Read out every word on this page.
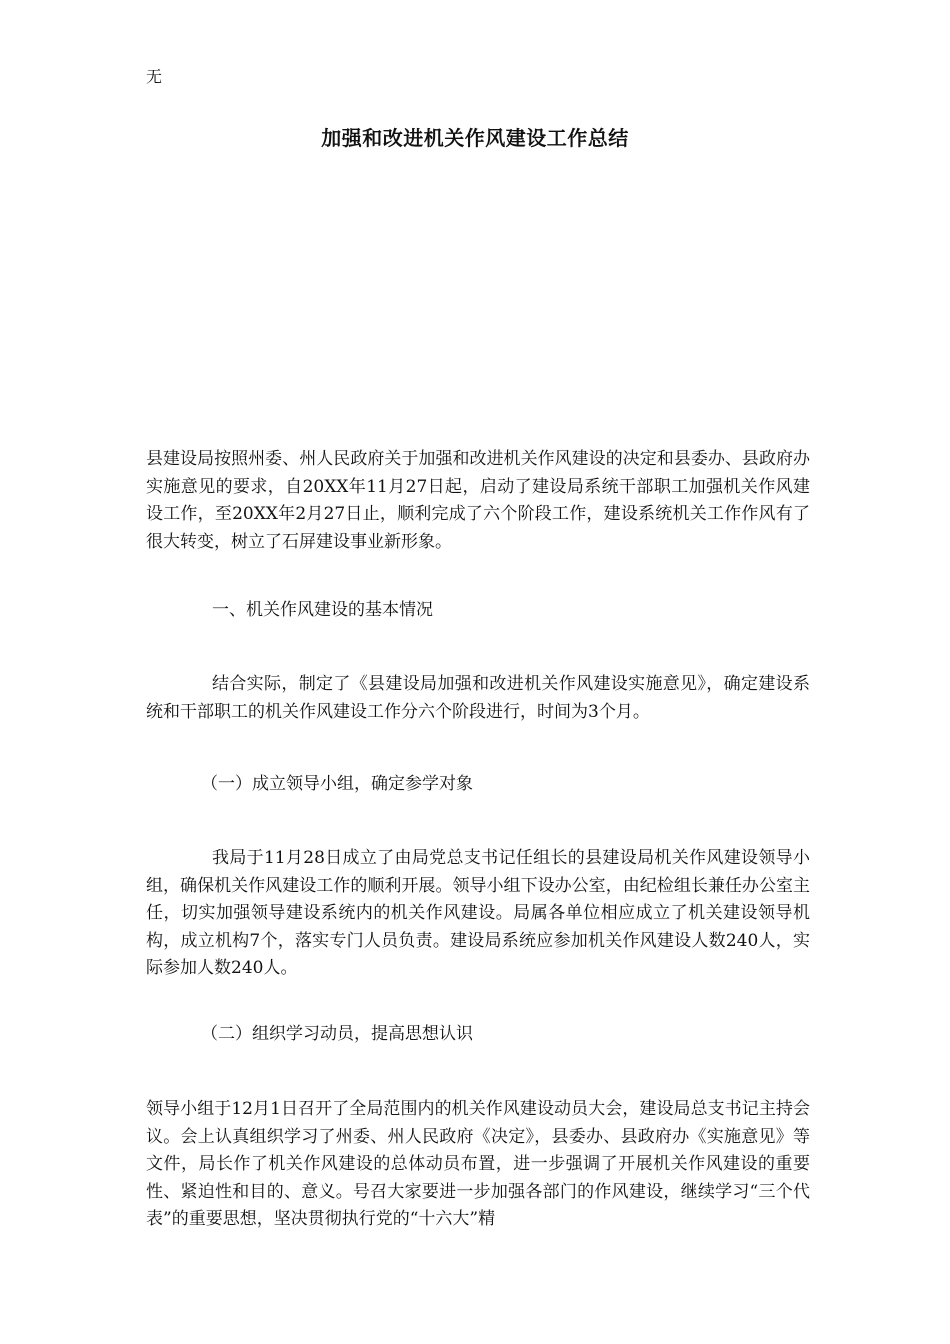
无
加强和改进机关作风建设工作总结

县建设局按照州委、州人民政府关于加强和改进机关作风建设的决定和县委办、县政府办实施意见的要求，自20XX年11月27日起，启动了建设局系统干部职工加强机关作风建设工作，至20XX年2月27日止，顺利完成了六个阶段工作，建设系统机关工作作风有了很大转变，树立了石屏建设事业新形象。

一、机关作风建设的基本情况

结合实际，制定了《县建设局加强和改进机关作风建设实施意见》，确定建设系统和干部职工的机关作风建设工作分六个阶段进行，时间为3个月。

（一）成立领导小组，确定参学对象

我局于11月28日成立了由局党总支书记任组长的县建设局机关作风建设领导小组，确保机关作风建设工作的顺利开展。领导小组下设办公室，由纪检组长兼任办公室主任，切实加强领导建设系统内的机关作风建设。局属各单位相应成立了机关建设领导机构，成立机构7个，落实专门人员负责。建设局系统应参加机关作风建设人数240人，实际参加人数240人。

（二）组织学习动员，提高思想认识

领导小组于12月1日召开了全局范围内的机关作风建设动员大会，建设局总支书记主持会议。会上认真组织学习了州委、州人民政府《决定》，县委办、县政府办《实施意见》等文件，局长作了机关作风建设的总体动员布置，进一步强调了开展机关作风建设的重要性、紧迫性和目的、意义。号召大家要进一步加强各部门的作风建设，继续学习“三个代表”的重要思想，坚决贯彻执行党的“十六大”精
